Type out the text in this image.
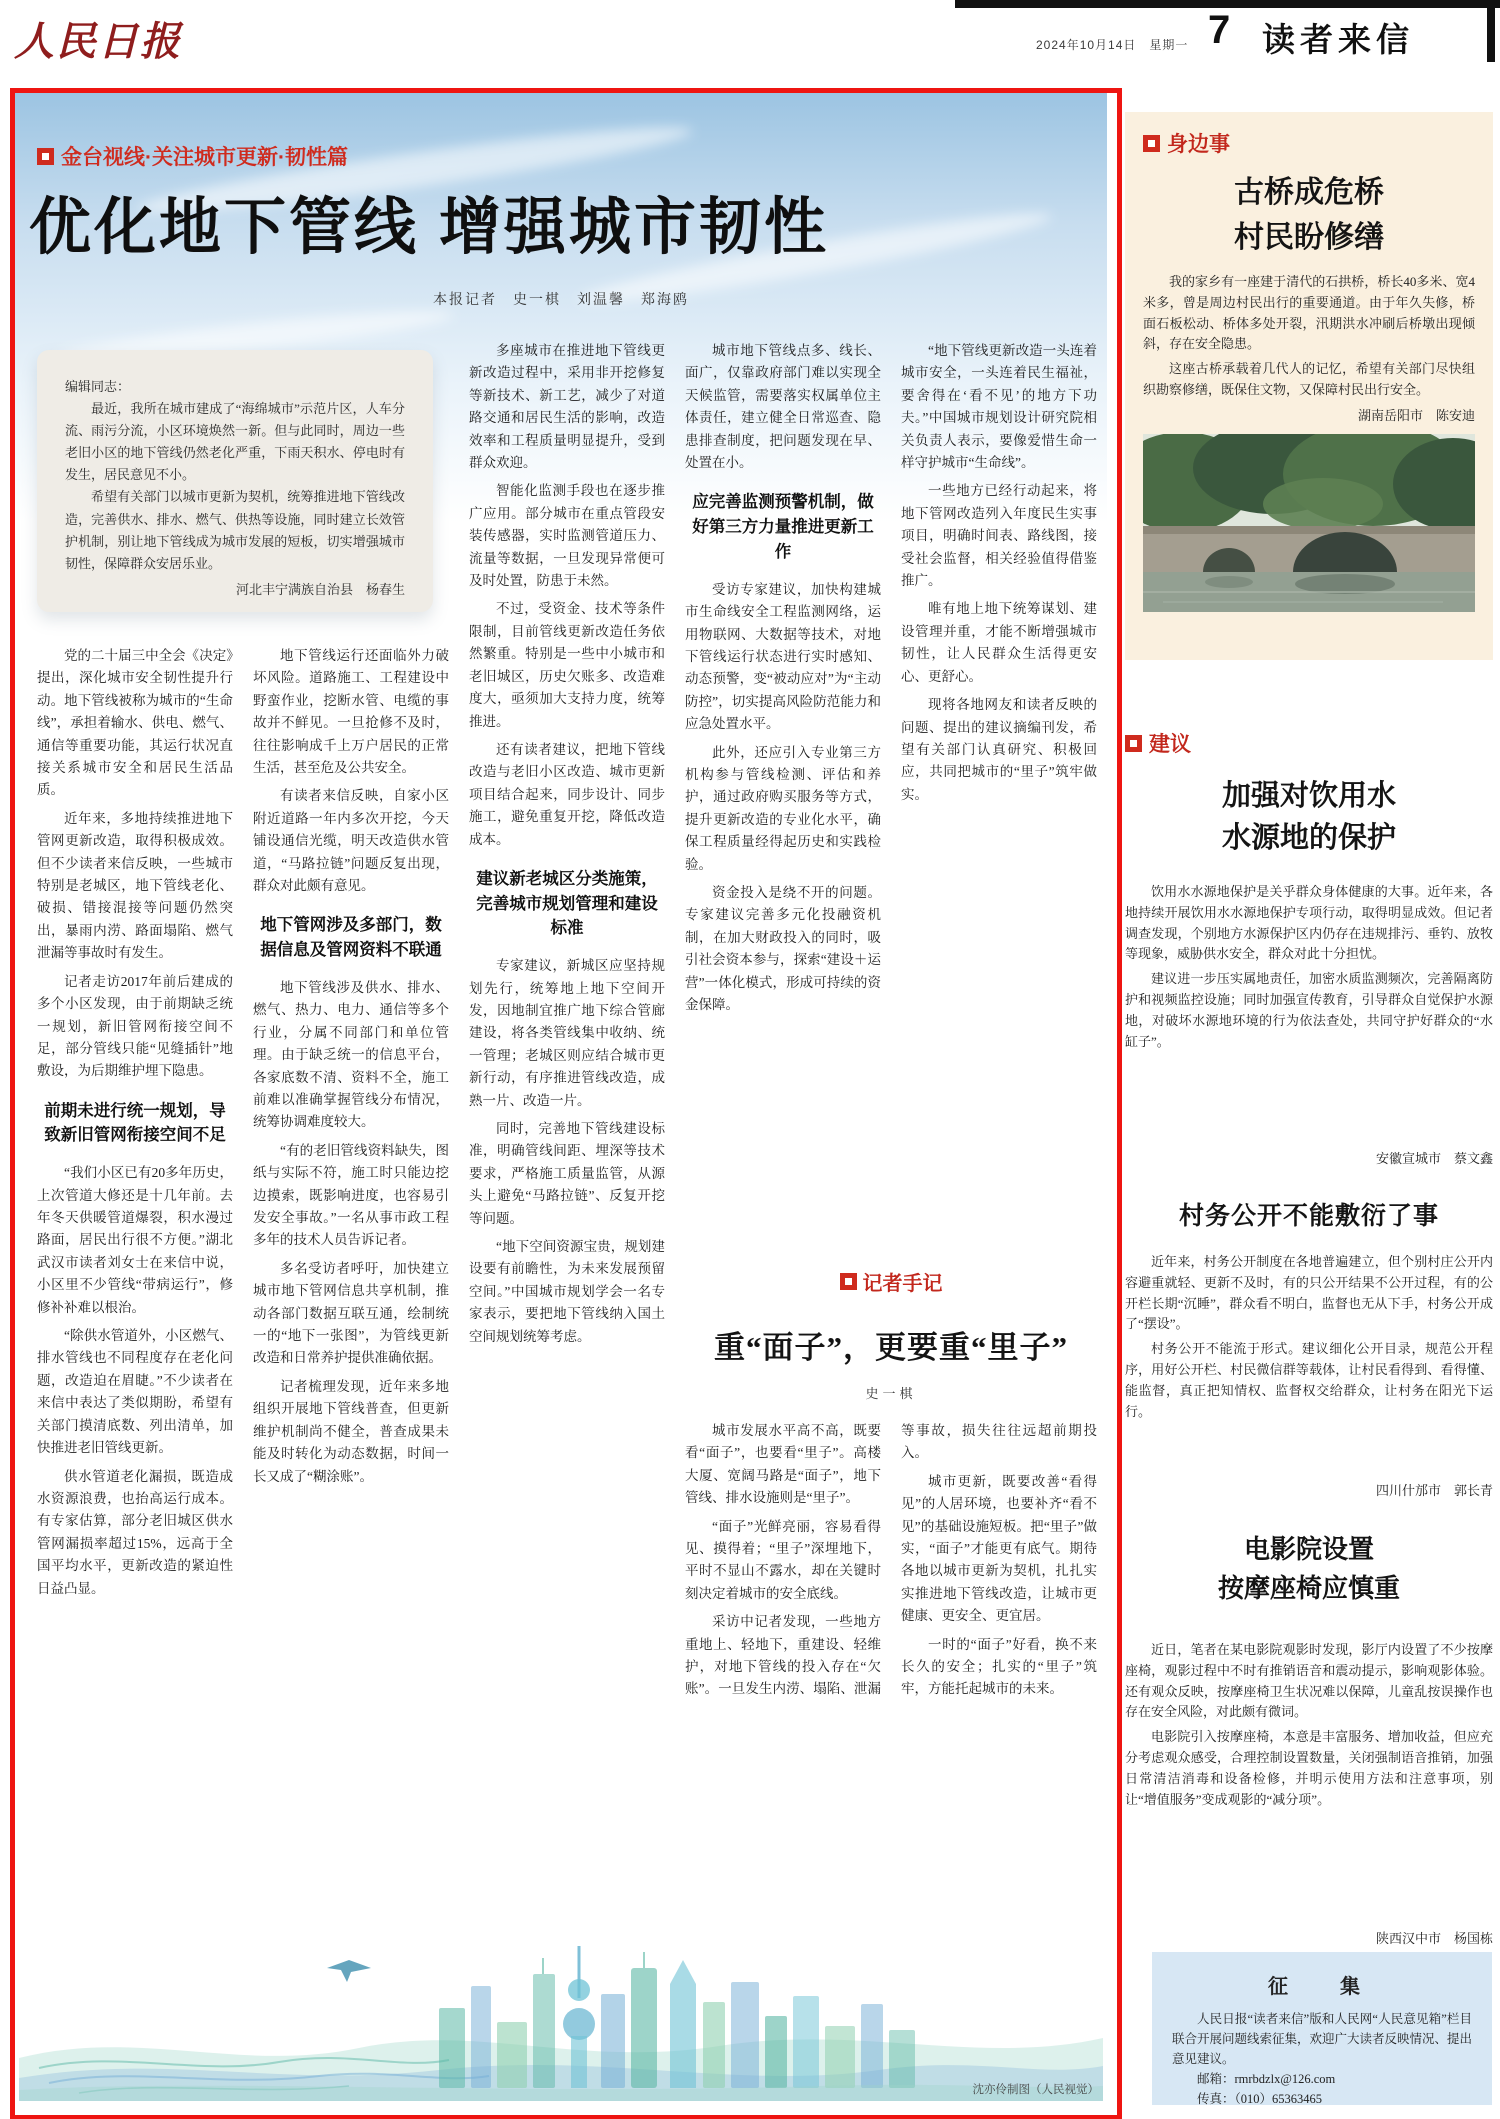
人民日报	2024年10月14日　星期一 7 读者来信
金台视线·关注城市更新·韧性篇
优化地下管线 增强城市韧性
本报记者　史一棋　刘温馨　郑海鸥

编辑同志：

最近，我所在城市建成了“海绵城市”示范片区，人车分流、雨污分流，小区环境焕然一新。但与此同时，周边一些老旧小区的地下管线仍然老化严重，下雨天积水、停电时有发生，居民意见不小。

希望有关部门以城市更新为契机，统筹推进地下管线改造，完善供水、排水、燃气、供热等设施，同时建立长效管护机制，别让地下管线成为城市发展的短板，切实增强城市韧性，保障群众安居乐业。

河北丰宁满族自治县　杨春生

党的二十届三中全会《决定》提出，深化城市安全韧性提升行动。地下管线被称为城市的“生命线”，承担着输水、供电、燃气、通信等重要功能，其运行状况直接关系城市安全和居民生活品质。

近年来，多地持续推进地下管网更新改造，取得积极成效。但不少读者来信反映，一些城市特别是老城区，地下管线老化、破损、错接混接等问题仍然突出，暴雨内涝、路面塌陷、燃气泄漏等事故时有发生。

记者走访2017年前后建成的多个小区发现，由于前期缺乏统一规划，新旧管网衔接空间不足，部分管线只能“见缝插针”地敷设，为后期维护埋下隐患。

前期未进行统一规划，导致新旧管网衔接空间不足

“我们小区已有20多年历史，上次管道大修还是十几年前。去年冬天供暖管道爆裂，积水漫过路面，居民出行很不方便。”湖北武汉市读者刘女士在来信中说，小区里不少管线“带病运行”，修修补补难以根治。

“除供水管道外，小区燃气、排水管线也不同程度存在老化问题，改造迫在眉睫。”不少读者在来信中表达了类似期盼，希望有关部门摸清底数、列出清单，加快推进老旧管线更新。

供水管道老化漏损，既造成水资源浪费，也抬高运行成本。有专家估算，部分老旧城区供水管网漏损率超过15%，远高于全国平均水平，更新改造的紧迫性日益凸显。

地下管线运行还面临外力破坏风险。道路施工、工程建设中野蛮作业，挖断水管、电缆的事故并不鲜见。一旦抢修不及时，往往影响成千上万户居民的正常生活，甚至危及公共安全。

有读者来信反映，自家小区附近道路一年内多次开挖，今天铺设通信光缆，明天改造供水管道，“马路拉链”问题反复出现，群众对此颇有意见。

地下管网涉及多部门，数据信息及管网资料不联通

地下管线涉及供水、排水、燃气、热力、电力、通信等多个行业，分属不同部门和单位管理。由于缺乏统一的信息平台，各家底数不清、资料不全，施工前难以准确掌握管线分布情况，统筹协调难度较大。

“有的老旧管线资料缺失，图纸与实际不符，施工时只能边挖边摸索，既影响进度，也容易引发安全事故。”一名从事市政工程多年的技术人员告诉记者。

多名受访者呼吁，加快建立城市地下管网信息共享机制，推动各部门数据互联互通，绘制统一的“地下一张图”，为管线更新改造和日常养护提供准确依据。

记者梳理发现，近年来多地组织开展地下管线普查，但更新维护机制尚不健全，普查成果未能及时转化为动态数据，时间一长又成了“糊涂账”。

多座城市在推进地下管线更新改造过程中，采用非开挖修复等新技术、新工艺，减少了对道路交通和居民生活的影响，改造效率和工程质量明显提升，受到群众欢迎。

智能化监测手段也在逐步推广应用。部分城市在重点管段安装传感器，实时监测管道压力、流量等数据，一旦发现异常便可及时处置，防患于未然。

不过，受资金、技术等条件限制，目前管线更新改造任务依然繁重。特别是一些中小城市和老旧城区，历史欠账多、改造难度大，亟须加大支持力度，统筹推进。

还有读者建议，把地下管线改造与老旧小区改造、城市更新项目结合起来，同步设计、同步施工，避免重复开挖，降低改造成本。

建议新老城区分类施策，完善城市规划管理和建设标准

专家建议，新城区应坚持规划先行，统筹地上地下空间开发，因地制宜推广地下综合管廊建设，将各类管线集中收纳、统一管理；老城区则应结合城市更新行动，有序推进管线改造，成熟一片、改造一片。

同时，完善地下管线建设标准，明确管线间距、埋深等技术要求，严格施工质量监管，从源头上避免“马路拉链”、反复开挖等问题。

“地下空间资源宝贵，规划建设要有前瞻性，为未来发展预留空间。”中国城市规划学会一名专家表示，要把地下管线纳入国土空间规划统筹考虑。

城市地下管线点多、线长、面广，仅靠政府部门难以实现全天候监管，需要落实权属单位主体责任，建立健全日常巡查、隐患排查制度，把问题发现在早、处置在小。

应完善监测预警机制，做好第三方力量推进更新工作

受访专家建议，加快构建城市生命线安全工程监测网络，运用物联网、大数据等技术，对地下管线运行状态进行实时感知、动态预警，变“被动应对”为“主动防控”，切实提高风险防范能力和应急处置水平。

此外，还应引入专业第三方机构参与管线检测、评估和养护，通过政府购买服务等方式，提升更新改造的专业化水平，确保工程质量经得起历史和实践检验。

资金投入是绕不开的问题。专家建议完善多元化投融资机制，在加大财政投入的同时，吸引社会资本参与，探索“建设＋运营”一体化模式，形成可持续的资金保障。

“地下管线更新改造一头连着城市安全，一头连着民生福祉，要舍得在‘看不见’的地方下功夫。”中国城市规划设计研究院相关负责人表示，要像爱惜生命一样守护城市“生命线”。

一些地方已经行动起来，将地下管网改造列入年度民生实事项目，明确时间表、路线图，接受社会监督，相关经验值得借鉴推广。

唯有地上地下统筹谋划、建设管理并重，才能不断增强城市韧性，让人民群众生活得更安心、更舒心。

现将各地网友和读者反映的问题、提出的建议摘编刊发，希望有关部门认真研究、积极回应，共同把城市的“里子”筑牢做实。

记者手记
重“面子”，更要重“里子”
史一棋

城市发展水平高不高，既要看“面子”，也要看“里子”。高楼大厦、宽阔马路是“面子”，地下管线、排水设施则是“里子”。

“面子”光鲜亮丽，容易看得见、摸得着；“里子”深埋地下，平时不显山不露水，却在关键时刻决定着城市的安全底线。

采访中记者发现，一些地方重地上、轻地下，重建设、轻维护，对地下管线的投入存在“欠账”。一旦发生内涝、塌陷、泄漏等事故，损失往往远超前期投入。

城市更新，既要改善“看得见”的人居环境，也要补齐“看不见”的基础设施短板。把“里子”做实，“面子”才能更有底气。期待各地以城市更新为契机，扎扎实实推进地下管线改造，让城市更健康、更安全、更宜居。

一时的“面子”好看，换不来长久的安全；扎实的“里子”筑牢，方能托起城市的未来。

沈亦伶制图（人民视觉）
身边事
古桥成危桥
村民盼修缮

我的家乡有一座建于清代的石拱桥，桥长40多米、宽4米多，曾是周边村民出行的重要通道。由于年久失修，桥面石板松动、桥体多处开裂，汛期洪水冲刷后桥墩出现倾斜，存在安全隐患。

这座古桥承载着几代人的记忆，希望有关部门尽快组织勘察修缮，既保住文物，又保障村民出行安全。

湖南岳阳市　陈安迪
建议
加强对饮用水
水源地的保护

饮用水水源地保护是关乎群众身体健康的大事。近年来，各地持续开展饮用水水源地保护专项行动，取得明显成效。但记者调查发现，个别地方水源保护区内仍存在违规排污、垂钓、放牧等现象，威胁供水安全，群众对此十分担忧。

建议进一步压实属地责任，加密水质监测频次，完善隔离防护和视频监控设施；同时加强宣传教育，引导群众自觉保护水源地，对破坏水源地环境的行为依法查处，共同守护好群众的“水缸子”。

安徽宣城市　蔡文鑫
村务公开不能敷衍了事

近年来，村务公开制度在各地普遍建立，但个别村庄公开内容避重就轻、更新不及时，有的只公开结果不公开过程，有的公开栏长期“沉睡”，群众看不明白，监督也无从下手，村务公开成了“摆设”。

村务公开不能流于形式。建议细化公开目录，规范公开程序，用好公开栏、村民微信群等载体，让村民看得到、看得懂、能监督，真正把知情权、监督权交给群众，让村务在阳光下运行。

四川什邡市　郭长青
电影院设置
按摩座椅应慎重

近日，笔者在某电影院观影时发现，影厅内设置了不少按摩座椅，观影过程中不时有推销语音和震动提示，影响观影体验。还有观众反映，按摩座椅卫生状况难以保障，儿童乱按误操作也存在安全风险，对此颇有微词。

电影院引入按摩座椅，本意是丰富服务、增加收益，但应充分考虑观众感受，合理控制设置数量，关闭强制语音推销，加强日常清洁消毒和设备检修，并明示使用方法和注意事项，别让“增值服务”变成观影的“减分项”。

陕西汉中市　杨国栋
征　集

人民日报“读者来信”版和人民网“人民意见箱”栏目联合开展问题线索征集，欢迎广大读者反映情况、提出意见建议。

邮箱：rmrbdzlx@126.com

传真：（010）65363465
